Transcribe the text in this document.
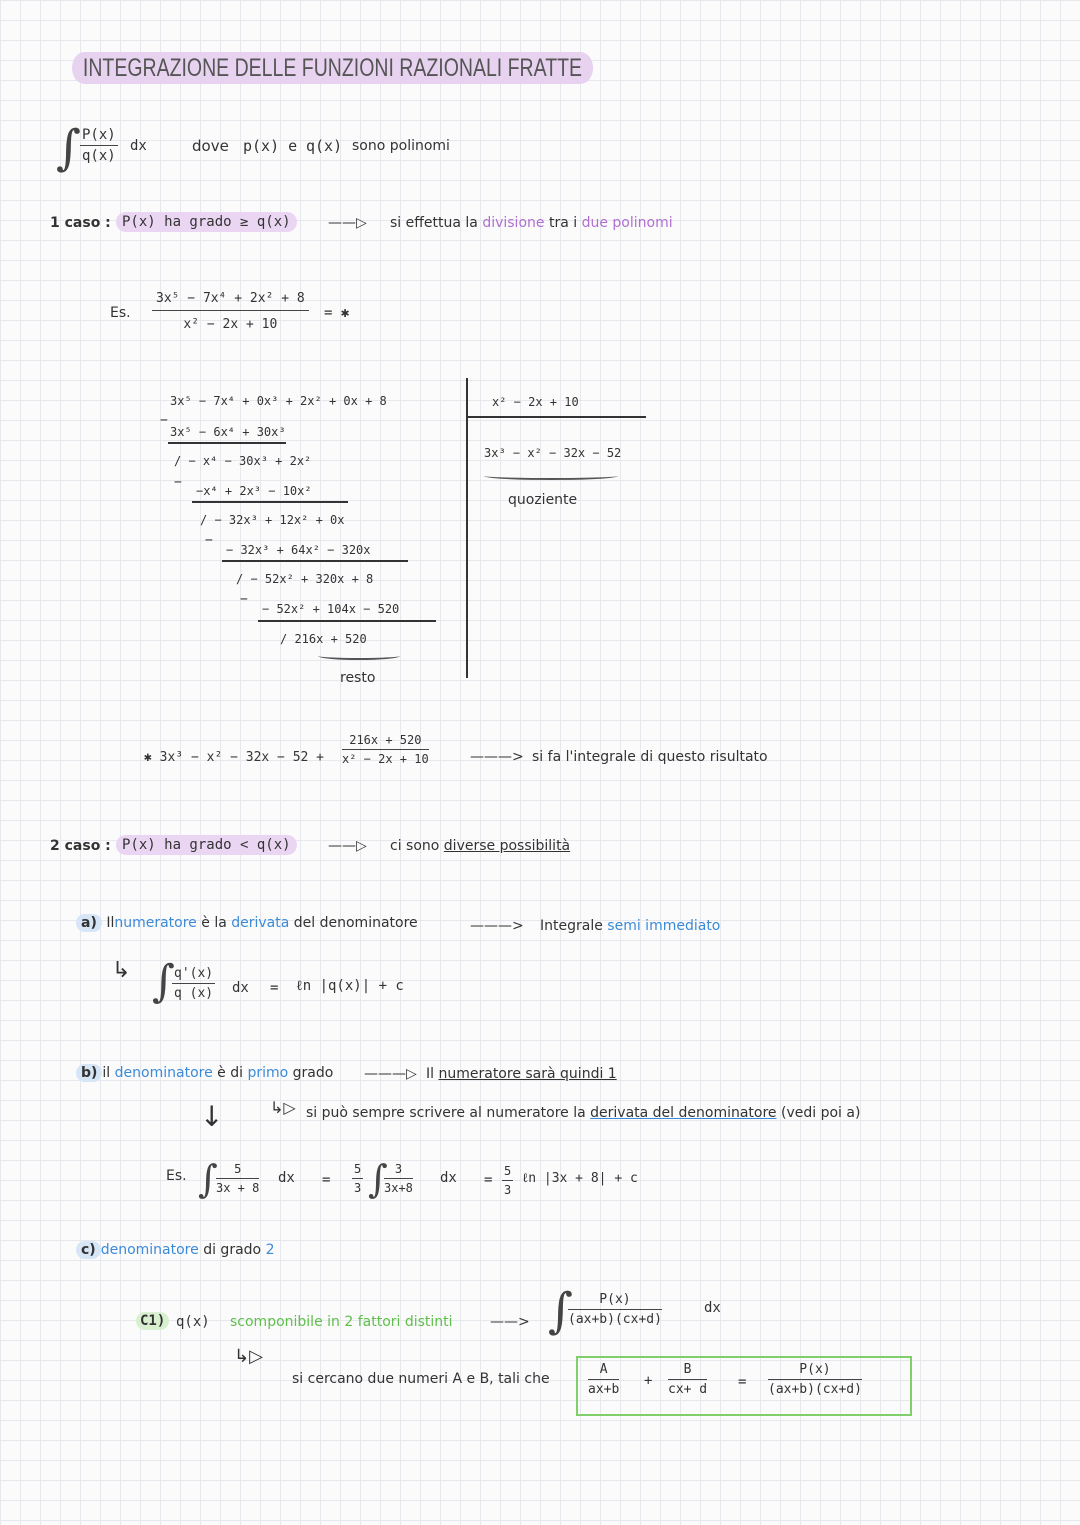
INTEGRAZIONE DELLE FUNZIONI RAZIONALI FRATTE
∫
$\frac{P(x)}{q(x)}$ dx	dove p(x) e q(x) sono polinomi
1 caso : P(x) ha grado ≥ q(x)	——▷ si effettua la divisione tra i due polinomi
Es. $\frac{\text{3x⁵ − 7x⁴ + 2x² + 8}}{\text{x² − 2x + 10}}$ = ✱
3x⁵ − 7x⁴ + 0x³ + 2x² + 0x + 8
−
3x⁵ − 6x⁴ + 30x³
/ − x⁴ − 30x³ + 2x²
−
−x⁴ + 2x³ − 10x²
/ − 32x³ + 12x² + 0x
−
− 32x³ + 64x² − 320x
/ − 52x² + 320x + 8
−
− 52x² + 104x − 520
/ 216x + 520
resto
x² − 2x + 10
3x³ − x² − 32x − 52
quoziente
✱ $3x^3 - x^2 - 32x - 52 + \frac{216x + 520}{\text{x² − 2x + 10}}$	———> si fa l'integrale di questo risultato
2 caso : P(x) ha grado < q(x)	——▷ ci sono diverse possibilità
a) Ilnumeratore è la derivata del denominatore	———> Integrale semi immediato
↳ ∫
$\frac{q'(x)}{q (x)}$ dx = ℓn |q(x)| + c
b) il denominatore è di primo grado ———▷ Il numeratore sarà quindi 1
↳▷ si può sempre scrivere al numeratore la derivata del denominatore (vedi poi a)
↓
Es. ∫
$\frac{5}{3x + 8}$ dx = $\frac{5}{3}$ ∫
$\frac{3}{3x+8}$ dx = $\frac{5}{3}$ ℓn |3x + 8| + c
c) denominatore di grado 2
C1) q(x) scomponibile in 2 fattori distinti	——> ∫
$\frac{P(x)}{(ax+b)(cx+d)}$	dx
↳▷
si cercano due numeri A e B, tali che	$\frac{A}{ax+b} + \frac{B}{cx+ d} = \frac{P(x)}{(ax+b)(cx+d)}$
